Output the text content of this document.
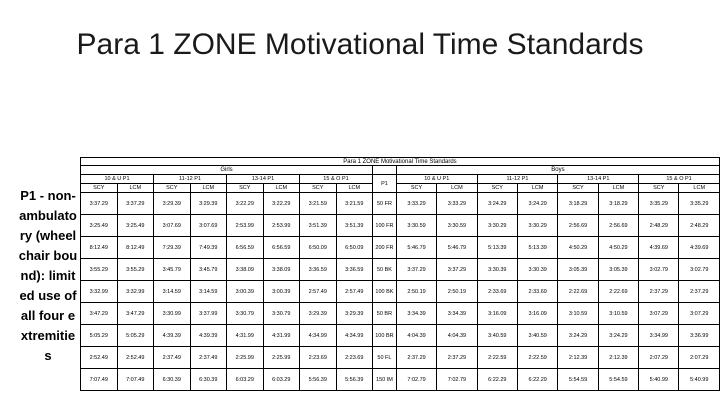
Para 1 ZONE Motivational Time Standards
P1 - non-ambulatory (wheelchair bound): limited use of all four extremities
Para 1 ZONE Motivational Time Standards																
Girls									Boys							
10 & U P1		11-12 P1		13-14 P1		15 & O P1		P1	10 & U P1		11-12 P1		13-14 P1		15 & O P1	
SCY	LCM	SCY	LCM	SCY	LCM	SCY	LCM		SCY	LCM	SCY	LCM	SCY	LCM	SCY	LCM
3:37.29	3:37.29	3:29.39	3:29.39	3:22.29	3:22.29	3:21.59	3:21.59	50 FR	3:33.29	3:33.29	3:24.29	3:24.29	3:18.29	3:18.29	3:35.29	3:35.29
3:25.49	3:25.49	3:07.69	3:07.69	2:53.99	2:53.99	3:51.39	3:51.39	100 FR	3:30.59	3:30.59	3:30.29	3:30.29	2:56.69	2:56.69	2:48.29	2:48.29
8:12.49	8:12.49	7:29.39	7:49.39	6:56.59	6:56.59	6:50.09	6:50.09	200 FR	5:46.79	5:46.79	5:13.39	5:13.39	4:50.29	4:50.29	4:39.69	4:39.69
3:55.29	3:55.29	3:45.79	3:45.79	3:38.09	3:38.09	3:36.59	3:36.59	50 BK	3:37.29	3:37.29	3:30.39	3:30.39	3:05.39	3:05.39	3:02.79	3:02.79
3:32.99	3:32.99	3:14.59	3:14.59	3:00.39	3:00.39	2:57.49	2:57.49	100 BK	2:50.19	2:50.19	2:33.69	2:33.69	2:22.69	2:22.69	2:37.29	2:37.29
3:47.29	3:47.29	3:30.99	3:37.99	3:30.79	3:30.79	3:29.39	3:29.39	50 BR	3:34.39	3:34.39	3:16.09	3:16.09	3:10.59	3:10.59	3:07.29	3:07.29
5:05.29	5:05.29	4:39.39	4:39.39	4:31.99	4:31.99	4:34.99	4:34.99	100 BR	4:04.39	4:04.39	3:40.59	3:40.59	3:24.29	3:24.29	3:34.99	3:36.99
2:52.49	2:52.49	2:37.49	2:37.49	2:25.99	2:25.99	2:23.69	2:23.69	50 FL	2:37.29	2:37.29	2:22.59	2:22.59	2:12.39	2:12.39	2:07.29	2:07.29
7:07.49	7:07.49	6:30.39	6:30.39	6:03.29	6:03.29	5:56.39	5:56.39	150 IM	7:02.79	7:02.79	6:22.29	6:22.29	5:54.59	5:54.59	5:40.99	5:40.99
